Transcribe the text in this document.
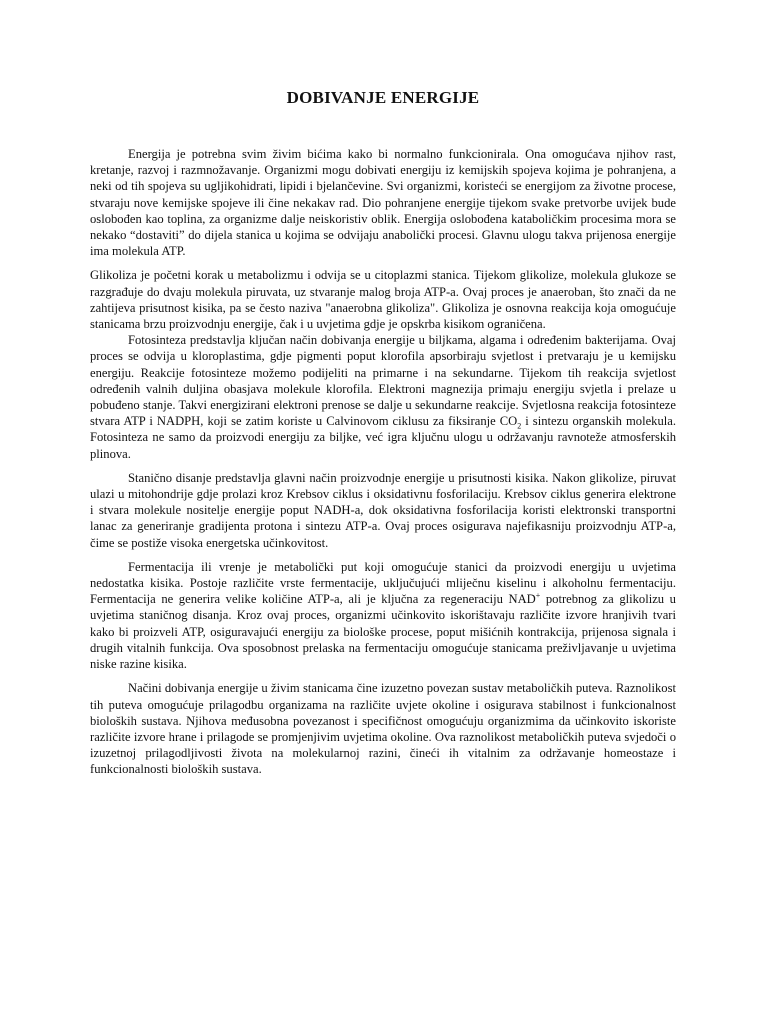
DOBIVANJE ENERGIJE

Energija je potrebna svim živim bićima kako bi normalno funkcionirala. Ona omogućava njihov rast, kretanje, razvoj i razmnožavanje. Organizmi mogu dobivati energiju iz kemijskih spojeva kojima je pohranjena, a neki od tih spojeva su ugljikohidrati, lipidi i bjelančevine. Svi organizmi, koristeći se energijom za životne procese, stvaraju nove kemijske spojeve ili čine nekakav rad. Dio pohranjene energije tijekom svake pretvorbe uvijek bude oslobođen kao toplina, za organizme dalje neiskoristiv oblik. Energija oslobođena kataboličkim procesima mora se nekako “dostaviti” do dijela stanica u kojima se odvijaju anabolički procesi. Glavnu ulogu takva prijenosa energije ima molekula ATP.

Glikoliza je početni korak u metabolizmu i odvija se u citoplazmi stanica. Tijekom glikolize, molekula glukoze se razgrađuje do dvaju molekula piruvata, uz stvaranje malog broja ATP-a. Ovaj proces je anaeroban, što znači da ne zahtijeva prisutnost kisika, pa se često naziva "anaerobna glikoliza". Glikoliza je osnovna reakcija koja omogućuje stanicama brzu proizvodnju energije, čak i u uvjetima gdje je opskrba kisikom ograničena.

Fotosinteza predstavlja ključan način dobivanja energije u biljkama, algama i određenim bakterijama. Ovaj proces se odvija u kloroplastima, gdje pigmenti poput klorofila apsorbiraju svjetlost i pretvaraju je u kemijsku energiju. Reakcije fotosinteze možemo podijeliti na primarne i na sekundarne. Tijekom tih reakcija svjetlost određenih valnih duljina obasjava molekule klorofila. Elektroni magnezija primaju energiju svjetla i prelaze u pobuđeno stanje. Takvi energizirani elektroni prenose se dalje u sekundarne reakcije. Svjetlosna reakcija fotosinteze stvara ATP i NADPH, koji se zatim koriste u Calvinovom ciklusu za fiksiranje $CO_2$ i sintezu organskih molekula. Fotosinteza ne samo da proizvodi energiju za biljke, već igra ključnu ulogu u održavanju ravnoteže atmosferskih plinova.

Stanično disanje predstavlja glavni način proizvodnje energije u prisutnosti kisika. Nakon glikolize, piruvat ulazi u mitohondrije gdje prolazi kroz Krebsov ciklus i oksidativnu fosforilaciju. Krebsov ciklus generira elektrone i stvara molekule nositelje energije poput NADH-a, dok oksidativna fosforilacija koristi elektronski transportni lanac za generiranje gradijenta protona i sintezu ATP-a. Ovaj proces osigurava najefikasniju proizvodnju ATP-a, čime se postiže visoka energetska učinkovitost.

Fermentacija ili vrenje je metabolički put koji omogućuje stanici da proizvodi energiju u uvjetima nedostatka kisika. Postoje različite vrste fermentacije, uključujući mliječnu kiselinu i alkoholnu fermentaciju. Fermentacija ne generira velike količine ATP-a, ali je ključna za regeneraciju NAD+ potrebnog za glikolizu u uvjetima staničnog disanja. Kroz ovaj proces, organizmi učinkovito iskorištavaju različite izvore hranjivih tvari kako bi proizveli ATP, osiguravajući energiju za biološke procese, poput mišićnih kontrakcija, prijenosa signala i drugih vitalnih funkcija. Ova sposobnost prelaska na fermentaciju omogućuje stanicama preživljavanje u uvjetima niske razine kisika.

Načini dobivanja energije u živim stanicama čine izuzetno povezan sustav metaboličkih puteva. Raznolikost tih puteva omogućuje prilagodbu organizama na različite uvjete okoline i osigurava stabilnost i funkcionalnost bioloških sustava. Njihova međusobna povezanost i specifičnost omogućuju organizmima da učinkovito iskoriste različite izvore hrane i prilagode se promjenjivim uvjetima okoline. Ova raznolikost metaboličkih puteva svjedoči o izuzetnoj prilagodljivosti života na molekularnoj razini, čineći ih vitalnim za održavanje homeostaze i funkcionalnosti bioloških sustava.
